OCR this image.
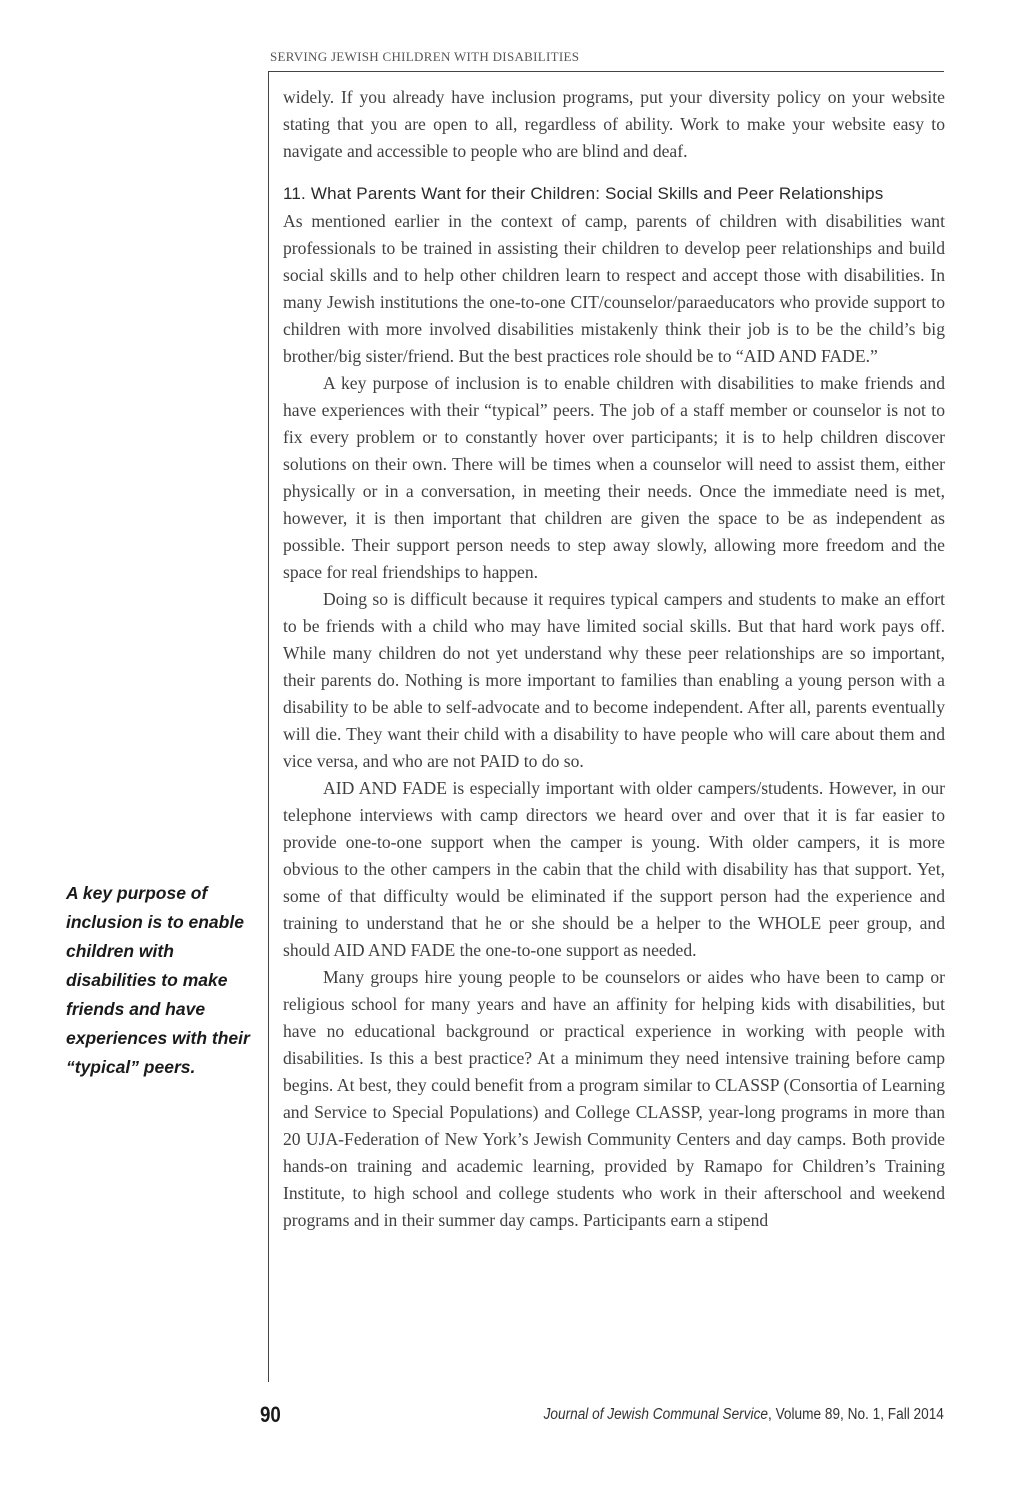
SERVING JEWISH CHILDREN WITH DISABILITIES

widely. If you already have inclusion programs, put your diversity policy on your website stating that you are open to all, regardless of ability. Work to make your website easy to navigate and accessible to people who are blind and deaf.

11. What Parents Want for their Children: Social Skills and Peer Relationships

As mentioned earlier in the context of camp, parents of children with disabilities want professionals to be trained in assisting their children to develop peer relationships and build social skills and to help other children learn to respect and accept those with disabilities. In many Jewish institutions the one-to-one CIT/counselor/paraeducators who provide support to children with more involved disabilities mistakenly think their job is to be the child’s big brother/big sister/friend. But the best practices role should be to “AID AND FADE.”

A key purpose of inclusion is to enable children with disabilities to make friends and have experiences with their “typical” peers. The job of a staff member or counselor is not to fix every problem or to constantly hover over participants; it is to help children discover solutions on their own. There will be times when a counselor will need to assist them, either physically or in a conversation, in meeting their needs. Once the immediate need is met, however, it is then important that children are given the space to be as independent as possible. Their support person needs to step away slowly, allowing more freedom and the space for real friendships to happen.

Doing so is difficult because it requires typical campers and students to make an effort to be friends with a child who may have limited social skills. But that hard work pays off. While many children do not yet understand why these peer relationships are so important, their parents do. Nothing is more important to families than enabling a young person with a disability to be able to self-advocate and to become independent. After all, parents eventually will die. They want their child with a disability to have people who will care about them and vice versa, and who are not PAID to do so.

AID AND FADE is especially important with older campers/students. However, in our telephone interviews with camp directors we heard over and over that it is far easier to provide one-to-one support when the camper is young. With older campers, it is more obvious to the other campers in the cabin that the child with disability has that support. Yet, some of that difficulty would be eliminated if the support person had the experience and training to understand that he or she should be a helper to the WHOLE peer group, and should AID AND FADE the one-to-one support as needed.

Many groups hire young people to be counselors or aides who have been to camp or religious school for many years and have an affinity for helping kids with disabilities, but have no educational background or practical experience in working with people with disabilities. Is this a best practice? At a minimum they need intensive training before camp begins. At best, they could benefit from a program similar to CLASSP (Consortia of Learning and Service to Special Populations) and College CLASSP, year-long programs in more than 20 UJA-Federation of New York’s Jewish Community Centers and day camps. Both provide hands-on training and academic learning, provided by Ramapo for Children’s Training Institute, to high school and college students who work in their afterschool and weekend programs and in their summer day camps. Participants earn a stipend

A key purpose of inclusion is to enable children with disabilities to make friends and have experiences with their “typical” peers.
90	Journal of Jewish Communal Service, Volume 89, No. 1, Fall 2014
